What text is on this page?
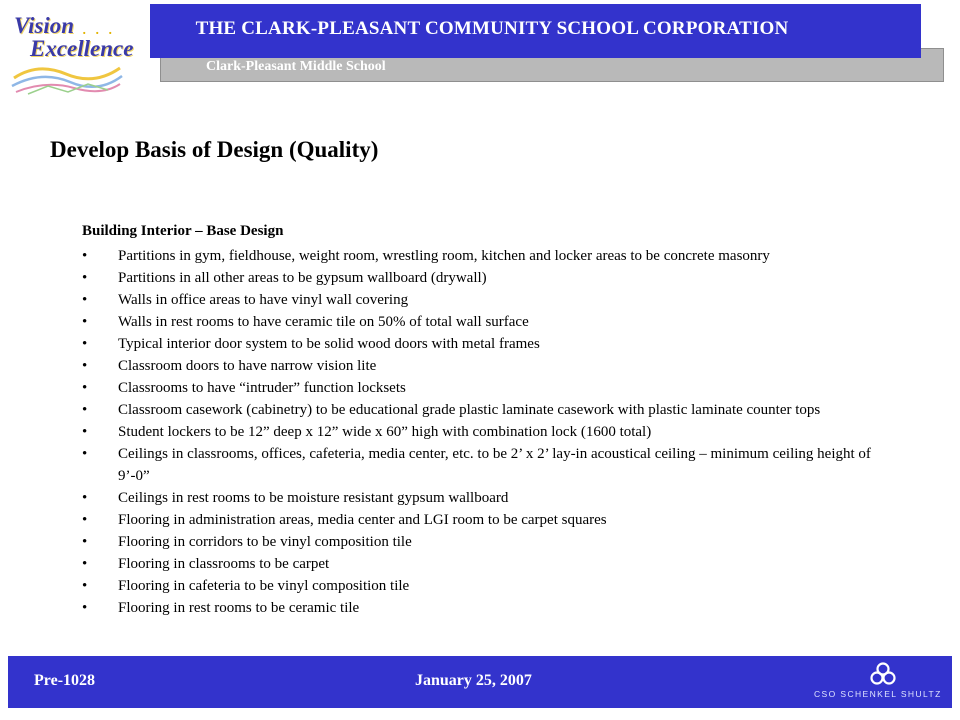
Vision . . .
Excellence
Clark-Pleasant Middle School
THE CLARK-PLEASANT COMMUNITY SCHOOL CORPORATION
Develop Basis of Design (Quality)
Building Interior – Base Design
• Partitions in gym, fieldhouse, weight room, wrestling room, kitchen and locker areas to be concrete masonry
• Partitions in all other areas to be gypsum wallboard (drywall)
• Walls in office areas to have vinyl wall covering
• Walls in rest rooms to have ceramic tile on 50% of total wall surface
• Typical interior door system to be solid wood doors with metal frames
• Classroom doors to have narrow vision lite
• Classrooms to have “intruder” function locksets
• Classroom casework (cabinetry) to be educational grade plastic laminate casework with plastic laminate counter tops
• Student lockers to be 12” deep x 12” wide x 60” high with combination lock (1600 total)
• Ceilings in classrooms, offices, cafeteria, media center, etc. to be 2’ x 2’ lay-in acoustical ceiling – minimum ceiling height of 9’-0”
• Ceilings in rest rooms to be moisture resistant gypsum wallboard
• Flooring in administration areas, media center and LGI room to be carpet squares
• Flooring in corridors to be vinyl composition tile
• Flooring in classrooms to be carpet
• Flooring in cafeteria to be vinyl composition tile
• Flooring in rest rooms to be ceramic tile
Pre-1028	January 25, 2007
CSO SCHENKEL SHULTZ
